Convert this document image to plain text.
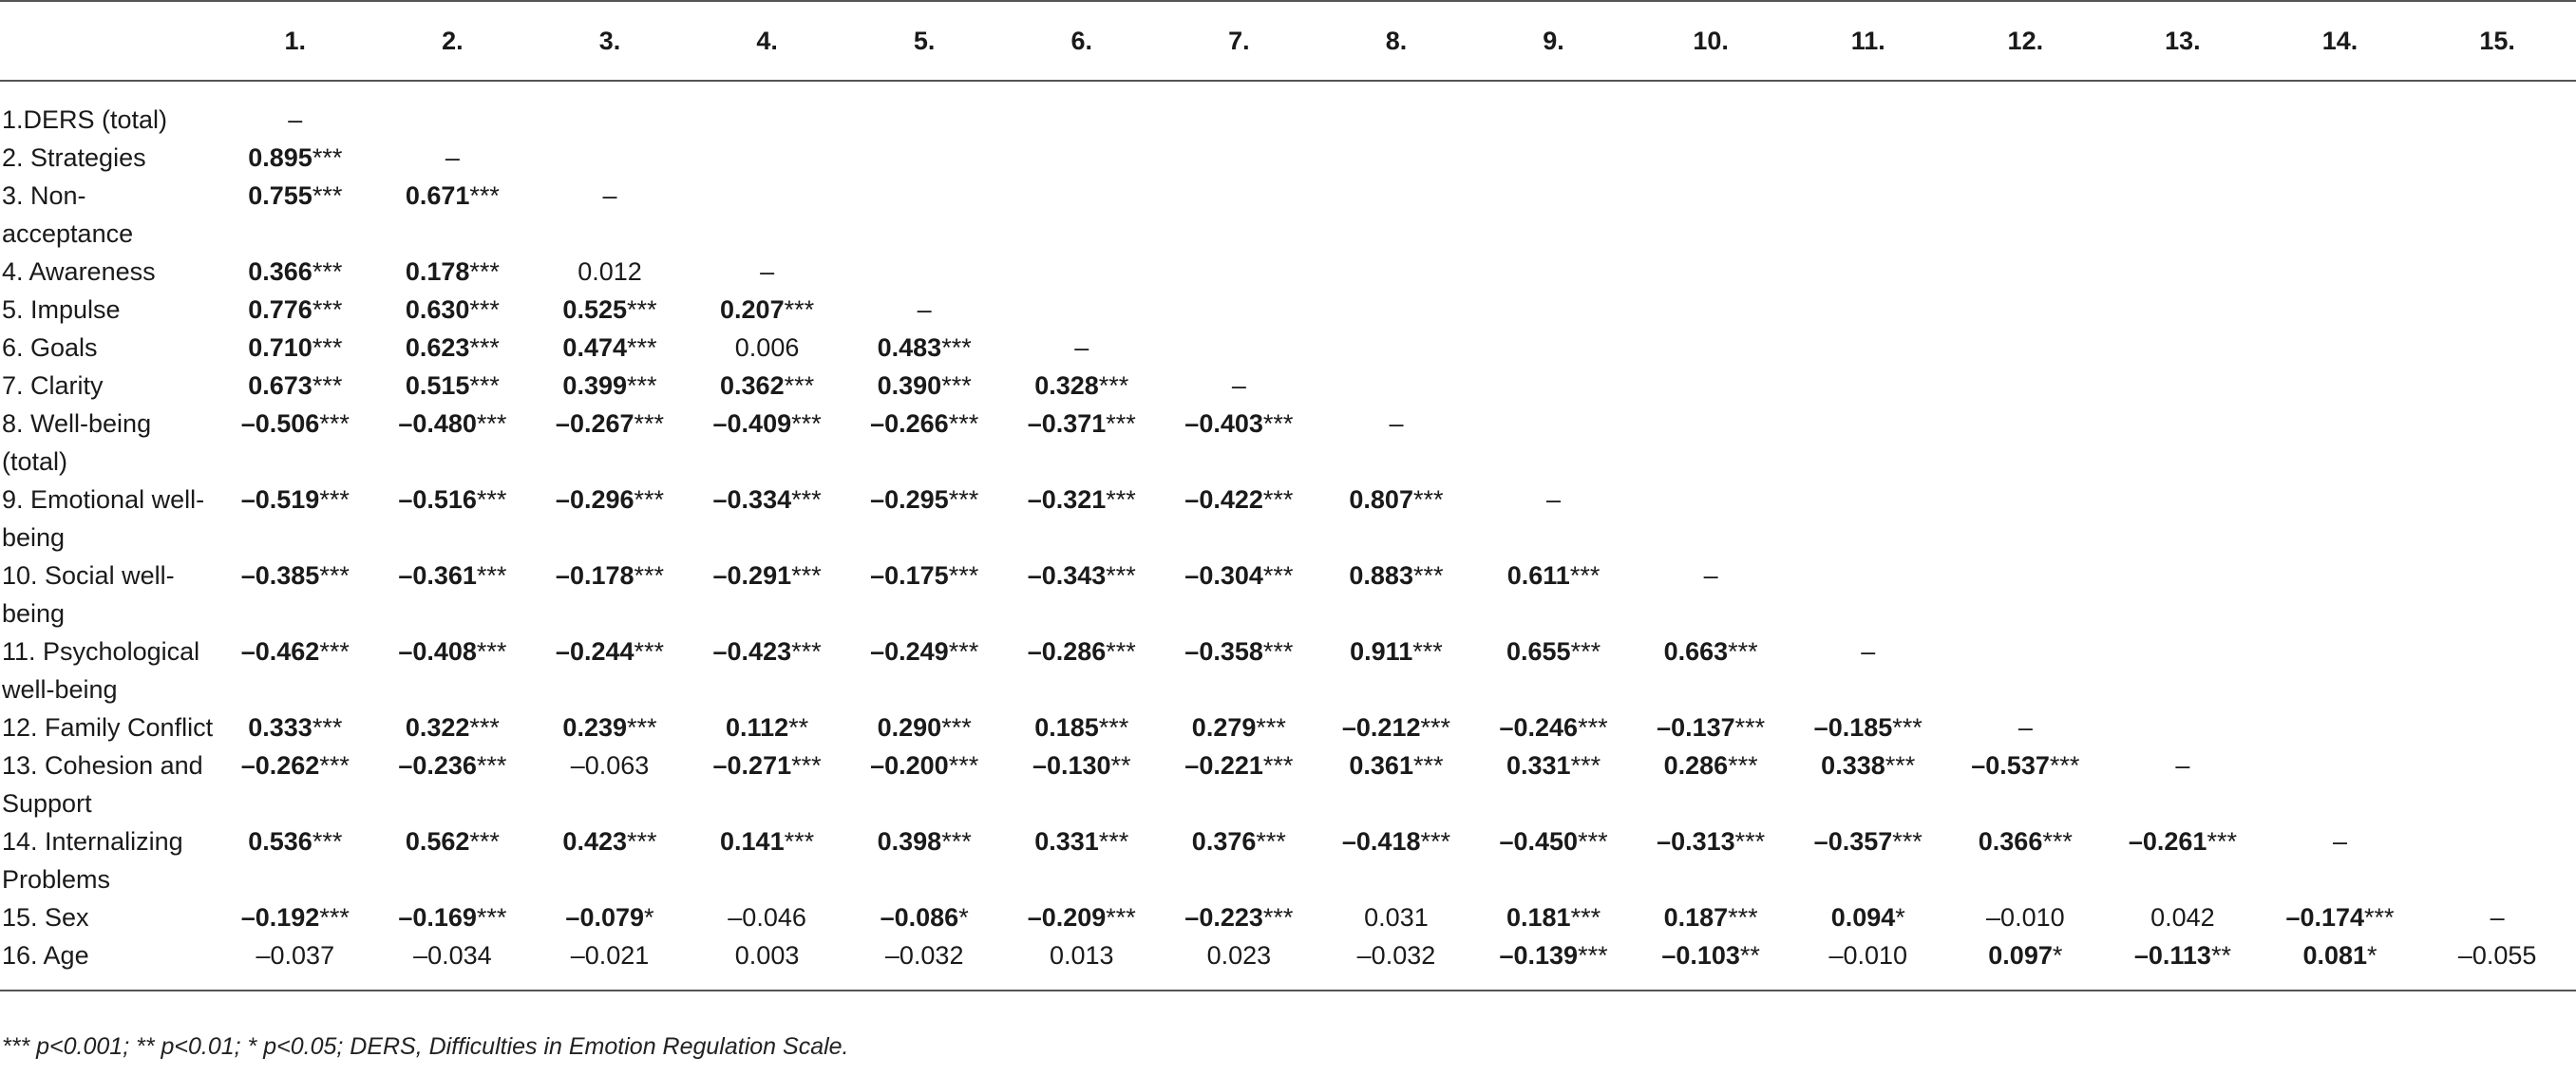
	1.	2.	3.	4.	5.	6.	7.	8.	9.	10.	11.	12.	13.	14.	15.
1.DERS (total)	–														
2. Strategies	0.895***	–													
3. Non-acceptance	0.755***	0.671***	–												
4. Awareness	0.366***	0.178***	0.012	–											
5. Impulse	0.776***	0.630***	0.525***	0.207***	–										
6. Goals	0.710***	0.623***	0.474***	0.006	0.483***	–									
7. Clarity	0.673***	0.515***	0.399***	0.362***	0.390***	0.328***	–								
8. Well-being (total)	–0.506***	–0.480***	–0.267***	–0.409***	–0.266***	–0.371***	–0.403***	–							
9. Emotional well-being	–0.519***	–0.516***	–0.296***	–0.334***	–0.295***	–0.321***	–0.422***	0.807***	–						
10. Social well-being	–0.385***	–0.361***	–0.178***	–0.291***	–0.175***	–0.343***	–0.304***	0.883***	0.611***	–					
11. Psychological well-being	–0.462***	–0.408***	–0.244***	–0.423***	–0.249***	–0.286***	–0.358***	0.911***	0.655***	0.663***	–				
12. Family Conflict	0.333***	0.322***	0.239***	0.112**	0.290***	0.185***	0.279***	–0.212***	–0.246***	–0.137***	–0.185***	–			
13. Cohesion and Support	–0.262***	–0.236***	–0.063	–0.271***	–0.200***	–0.130**	–0.221***	0.361***	0.331***	0.286***	0.338***	–0.537***	–		
14. Internalizing Problems	0.536***	0.562***	0.423***	0.141***	0.398***	0.331***	0.376***	–0.418***	–0.450***	–0.313***	–0.357***	0.366***	–0.261***	–	
15. Sex	–0.192***	–0.169***	–0.079*	–0.046	–0.086*	–0.209***	–0.223***	0.031	0.181***	0.187***	0.094*	–0.010	0.042	–0.174***	–
16. Age	–0.037	–0.034	–0.021	0.003	–0.032	0.013	0.023	–0.032	–0.139***	–0.103**	–0.010	0.097*	–0.113**	0.081*	–0.055
*** p<0.001; ** p<0.01; * p<0.05; DERS, Difficulties in Emotion Regulation Scale.
